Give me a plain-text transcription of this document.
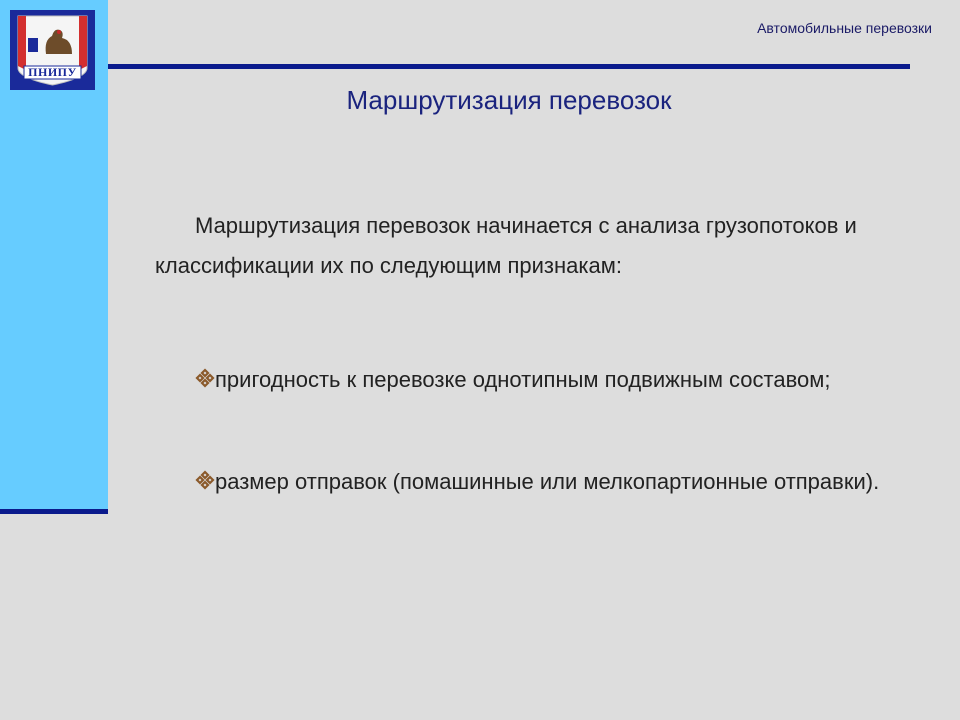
ПНИПУ
Автомобильные перевозки
Маршрутизация перевозок
Маршрутизация перевозок начинается с анализа грузопотоков и классификации их по следующим признакам:
пригодность к перевозке однотипным подвижным составом;
размер отправок (помашинные или мелкопартионные отправки).
